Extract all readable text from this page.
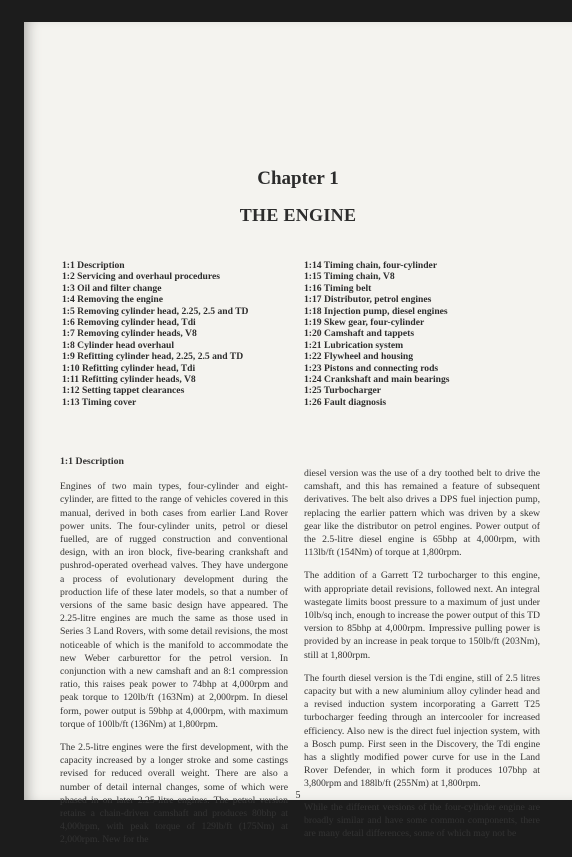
Chapter 1
THE ENGINE
1:1 Description
1:2 Servicing and overhaul procedures
1:3 Oil and filter change
1:4 Removing the engine
1:5 Removing cylinder head, 2.25, 2.5 and TD
1:6 Removing cylinder head, Tdi
1:7 Removing cylinder heads, V8
1:8 Cylinder head overhaul
1:9 Refitting cylinder head, 2.25, 2.5 and TD
1:10 Refitting cylinder head, Tdi
1:11 Refitting cylinder heads, V8
1:12 Setting tappet clearances
1:13 Timing cover
1:14 Timing chain, four-cylinder
1:15 Timing chain, V8
1:16 Timing belt
1:17 Distributor, petrol engines
1:18 Injection pump, diesel engines
1:19 Skew gear, four-cylinder
1:20 Camshaft and tappets
1:21 Lubrication system
1:22 Flywheel and housing
1:23 Pistons and connecting rods
1:24 Crankshaft and main bearings
1:25 Turbocharger
1:26 Fault diagnosis
1:1 Description

Engines of two main types, four-cylinder and eight-cylinder, are fitted to the range of vehicles covered in this manual, derived in both cases from earlier Land Rover power units. The four-cylinder units, petrol or diesel fuelled, are of rugged construction and conventional design, with an iron block, five-bearing crankshaft and pushrod-operated overhead valves. They have undergone a process of evolutionary development during the production life of these later models, so that a number of versions of the same basic design have appeared. The 2.25-litre engines are much the same as those used in Series 3 Land Rovers, with some detail revisions, the most noticeable of which is the manifold to accommodate the new Weber carburettor for the petrol version. In conjunction with a new camshaft and an 8:1 compression ratio, this raises peak power to 74bhp at 4,000rpm and peak torque to 120lb/ft (163Nm) at 2,000rpm. In diesel form, power output is 59bhp at 4,000rpm, with maximum torque of 100lb/ft (136Nm) at 1,800rpm.

The 2.5-litre engines were the first development, with the capacity increased by a longer stroke and some castings revised for reduced overall weight. There are also a number of detail internal changes, some of which were phased in on later 2.25-litre engines. The petrol version retains a chain-driven camshaft and produces 80bhp at 4,000rpm, with peak torque of 129lb/ft (175Nm) at 2,000rpm. New for the

diesel version was the use of a dry toothed belt to drive the camshaft, and this has remained a feature of subsequent derivatives. The belt also drives a DPS fuel injection pump, replacing the earlier pattern which was driven by a skew gear like the distributor on petrol engines. Power output of the 2.5-litre diesel engine is 65bhp at 4,000rpm, with 113lb/ft (154Nm) of torque at 1,800rpm.

The addition of a Garrett T2 turbocharger to this engine, with appropriate detail revisions, followed next. An integral wastegate limits boost pressure to a maximum of just under 10lb/sq inch, enough to increase the power output of this TD version to 85bhp at 4,000rpm. Impressive pulling power is provided by an increase in peak torque to 150lb/ft (203Nm), still at 1,800rpm.

The fourth diesel version is the Tdi engine, still of 2.5 litres capacity but with a new aluminium alloy cylinder head and a revised induction system incorporating a Garrett T25 turbocharger feeding through an intercooler for increased efficiency. Also new is the direct fuel injection system, with a Bosch pump. First seen in the Discovery, the Tdi engine has a slightly modified power curve for use in the Land Rover Defender, in which form it produces 107bhp at 3,800rpm and 188lb/ft (255Nm) at 1,800rpm.

While the different versions of the four-cylinder engine are broadly similar and have some common components, there are many detail differences, some of which may not be

5
